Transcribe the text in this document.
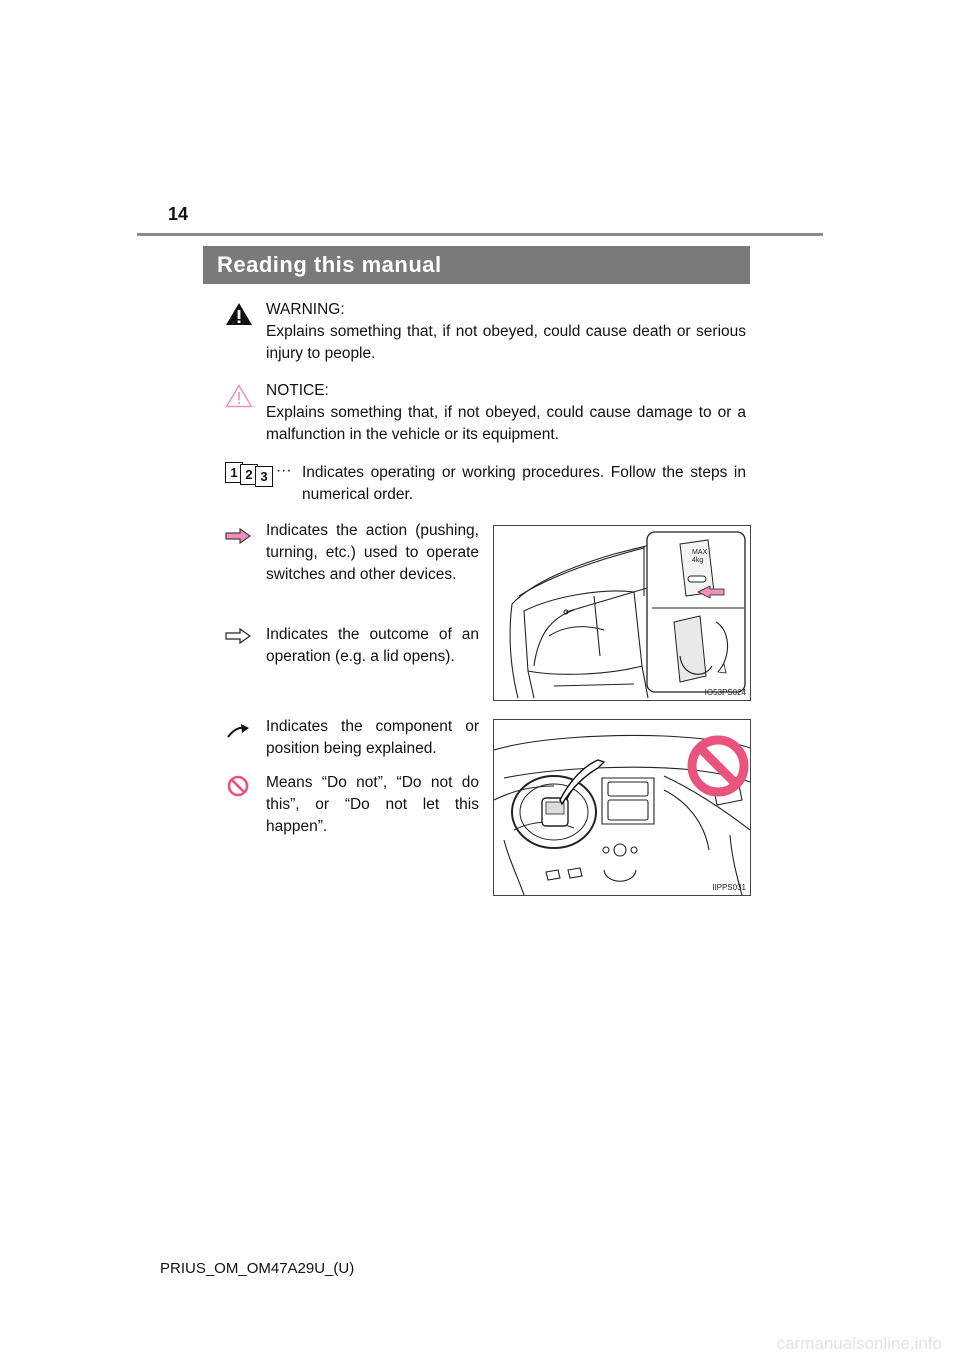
14
Reading this manual
WARNING:
Explains something that, if not obeyed, could cause death or serious injury to people.
NOTICE:
Explains something that, if not obeyed, could cause damage to or a malfunction in the vehicle or its equipment.
1 2 3 ··· Indicates operating or working procedures. Follow the steps in numerical order.
Indicates the action (pushing, turning, etc.) used to operate switches and other devices.
Indicates the outcome of an operation (e.g. a lid opens).
MAX
4kg
IO53PS024
Indicates the component or position being explained.
Means “Do not”, “Do not do this”, or “Do not let this happen”.
IIPPS031
PRIUS_OM_OM47A29U_(U)
carmanualsonline.info
